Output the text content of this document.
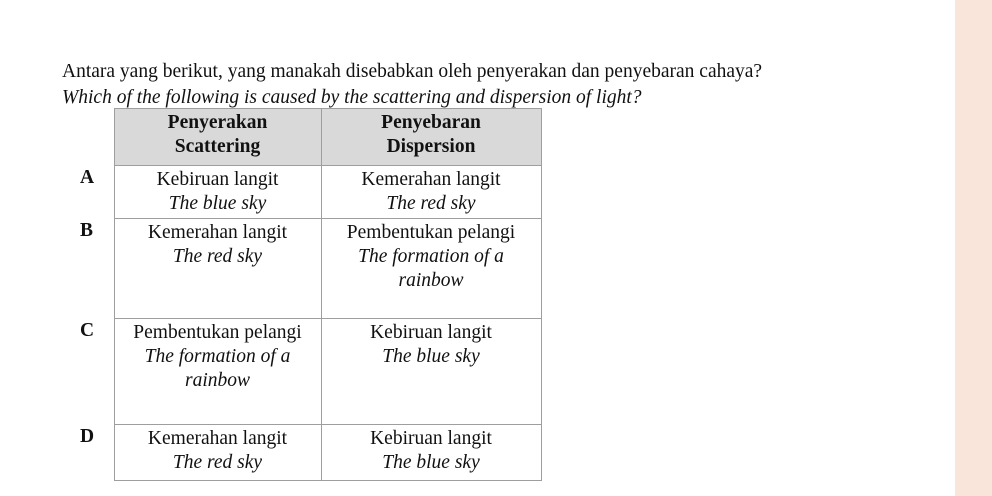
Antara yang berikut, yang manakah disebabkan oleh penyerakan dan penyebaran cahaya?
Which of the following is caused by the scattering and dispersion of light?

	Penyerakan
Scattering	Penyebaran
Dispersion

A	Kebiruan langit
The blue sky	Kemerahan langit
The red sky

B	Kemerahan langit
The red sky	Pembentukan pelangi
The formation of a rainbow

C	Pembentukan pelangi
The formation of a rainbow	Kebiruan langit
The blue sky

D	Kemerahan langit
The red sky	Kebiruan langit
The blue sky
